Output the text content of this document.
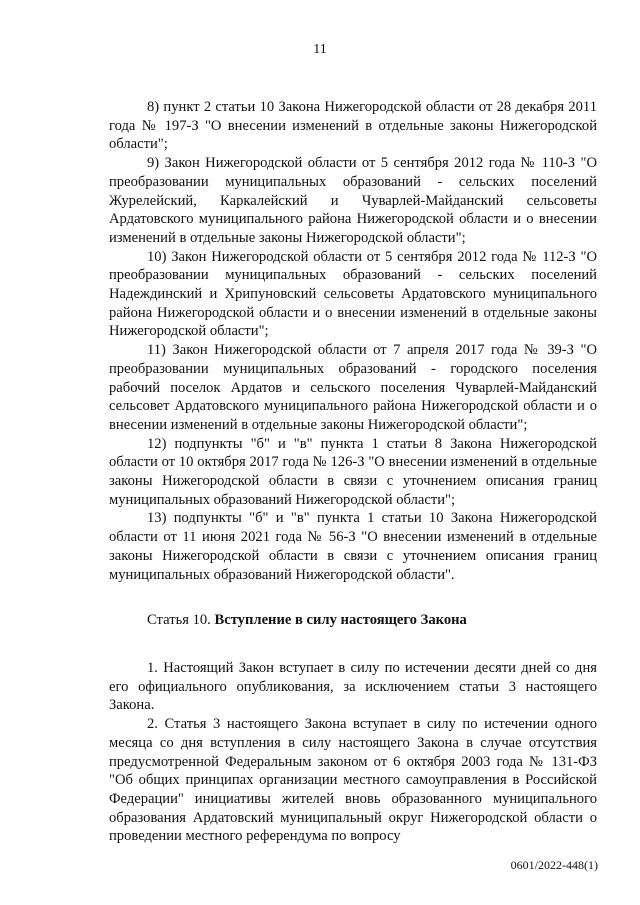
11

8) пункт 2 статьи 10 Закона Нижегородской области от 28 декабря 2011 года № 197-З "О внесении изменений в отдельные законы Нижегородской области";

9) Закон Нижегородской области от 5 сентября 2012 года № 110-З "О преобразовании муниципальных образований - сельских поселений Журелейский, Каркалейский и Чуварлей-Майданский сельсоветы Ардатовского муниципального района Нижегородской области и о внесении изменений в отдельные законы Нижегородской области";

10) Закон Нижегородской области от 5 сентября 2012 года № 112-З "О преобразовании муниципальных образований - сельских поселений Надеждинский и Хрипуновский сельсоветы Ардатовского муниципального района Нижегородской области и о внесении изменений в отдельные законы Нижегородской области";

11) Закон Нижегородской области от 7 апреля 2017 года № 39-З "О преобразовании муниципальных образований - городского поселения рабочий поселок Ардатов и сельского поселения Чуварлей-Майданский сельсовет Ардатовского муниципального района Нижегородской области и о внесении изменений в отдельные законы Нижегородской области";

12) подпункты "б" и "в" пункта 1 статьи 8 Закона Нижегородской области от 10 октября 2017 года № 126-З "О внесении изменений в отдельные законы Нижегородской области в связи с уточнением описания границ муниципальных образований Нижегородской области";

13) подпункты "б" и "в" пункта 1 статьи 10 Закона Нижегородской области от 11 июня 2021 года № 56-З "О внесении изменений в отдельные законы Нижегородской области в связи с уточнением описания границ муниципальных образований Нижегородской области".

Статья 10. Вступление в силу настоящего Закона

1. Настоящий Закон вступает в силу по истечении десяти дней со дня его официального опубликования, за исключением статьи 3 настоящего Закона.

2. Статья 3 настоящего Закона вступает в силу по истечении одного месяца со дня вступления в силу настоящего Закона в случае отсутствия предусмотренной Федеральным законом от 6 октября 2003 года № 131-ФЗ "Об общих принципах организации местного самоуправления в Российской Федерации" инициативы жителей вновь образованного муниципального образования Ардатовский муниципальный округ Нижегородской области о проведении местного референдума по вопросу

0601/2022-448(1)
